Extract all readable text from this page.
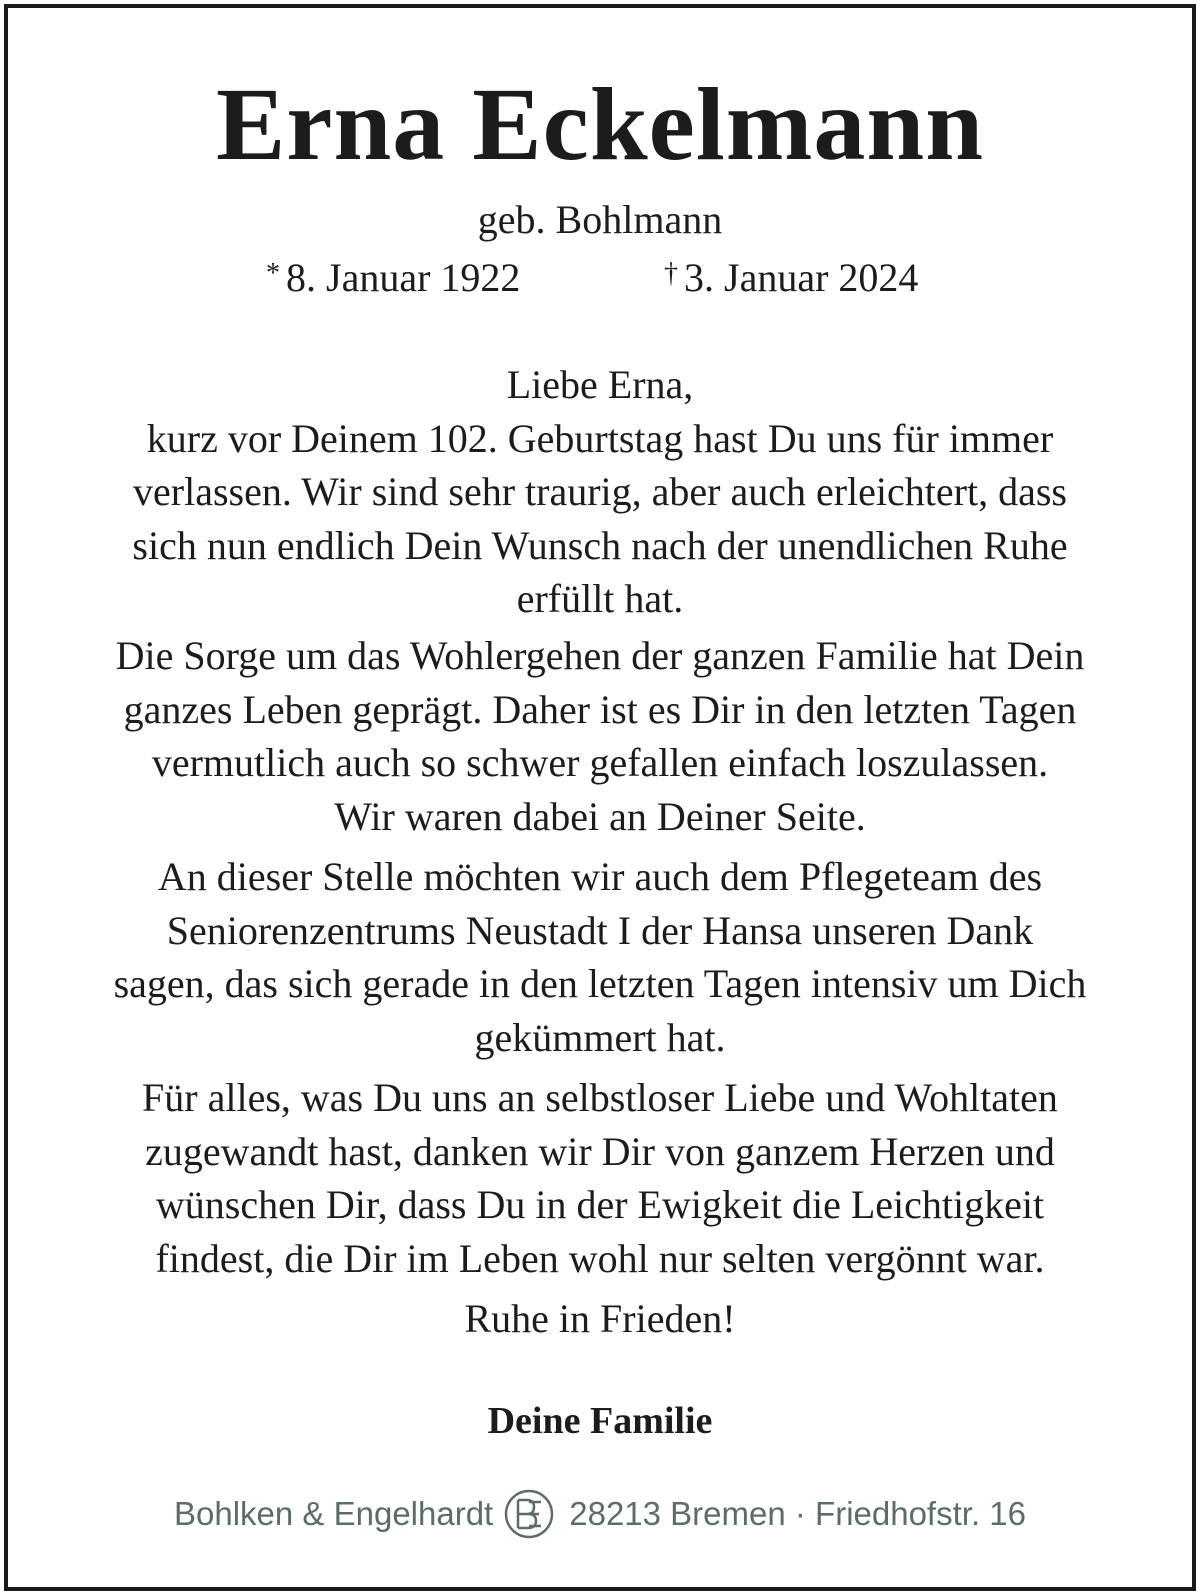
Erna Eckelmann
geb. Bohlmann
* 8. Januar 1922	† 3. Januar 2024
Liebe Erna,
kurz vor Deinem 102. Geburtstag hast Du uns für immer
verlassen. Wir sind sehr traurig, aber auch erleichtert, dass
sich nun endlich Dein Wunsch nach der unendlichen Ruhe
erfüllt hat.
Die Sorge um das Wohlergehen der ganzen Familie hat Dein
ganzes Leben geprägt. Daher ist es Dir in den letzten Tagen
vermutlich auch so schwer gefallen einfach loszulassen.
Wir waren dabei an Deiner Seite.
An dieser Stelle möchten wir auch dem Pflegeteam des
Seniorenzentrums Neustadt I der Hansa unseren Dank
sagen, das sich gerade in den letzten Tagen intensiv um Dich
gekümmert hat.
Für alles, was Du uns an selbstloser Liebe und Wohltaten
zugewandt hast, danken wir Dir von ganzem Herzen und
wünschen Dir, dass Du in der Ewigkeit die Leichtigkeit
findest, die Dir im Leben wohl nur selten vergönnt war.
Ruhe in Frieden!
Deine Familie
Bohlken & Engelhardt 28213 Bremen · Friedhofstr. 16
